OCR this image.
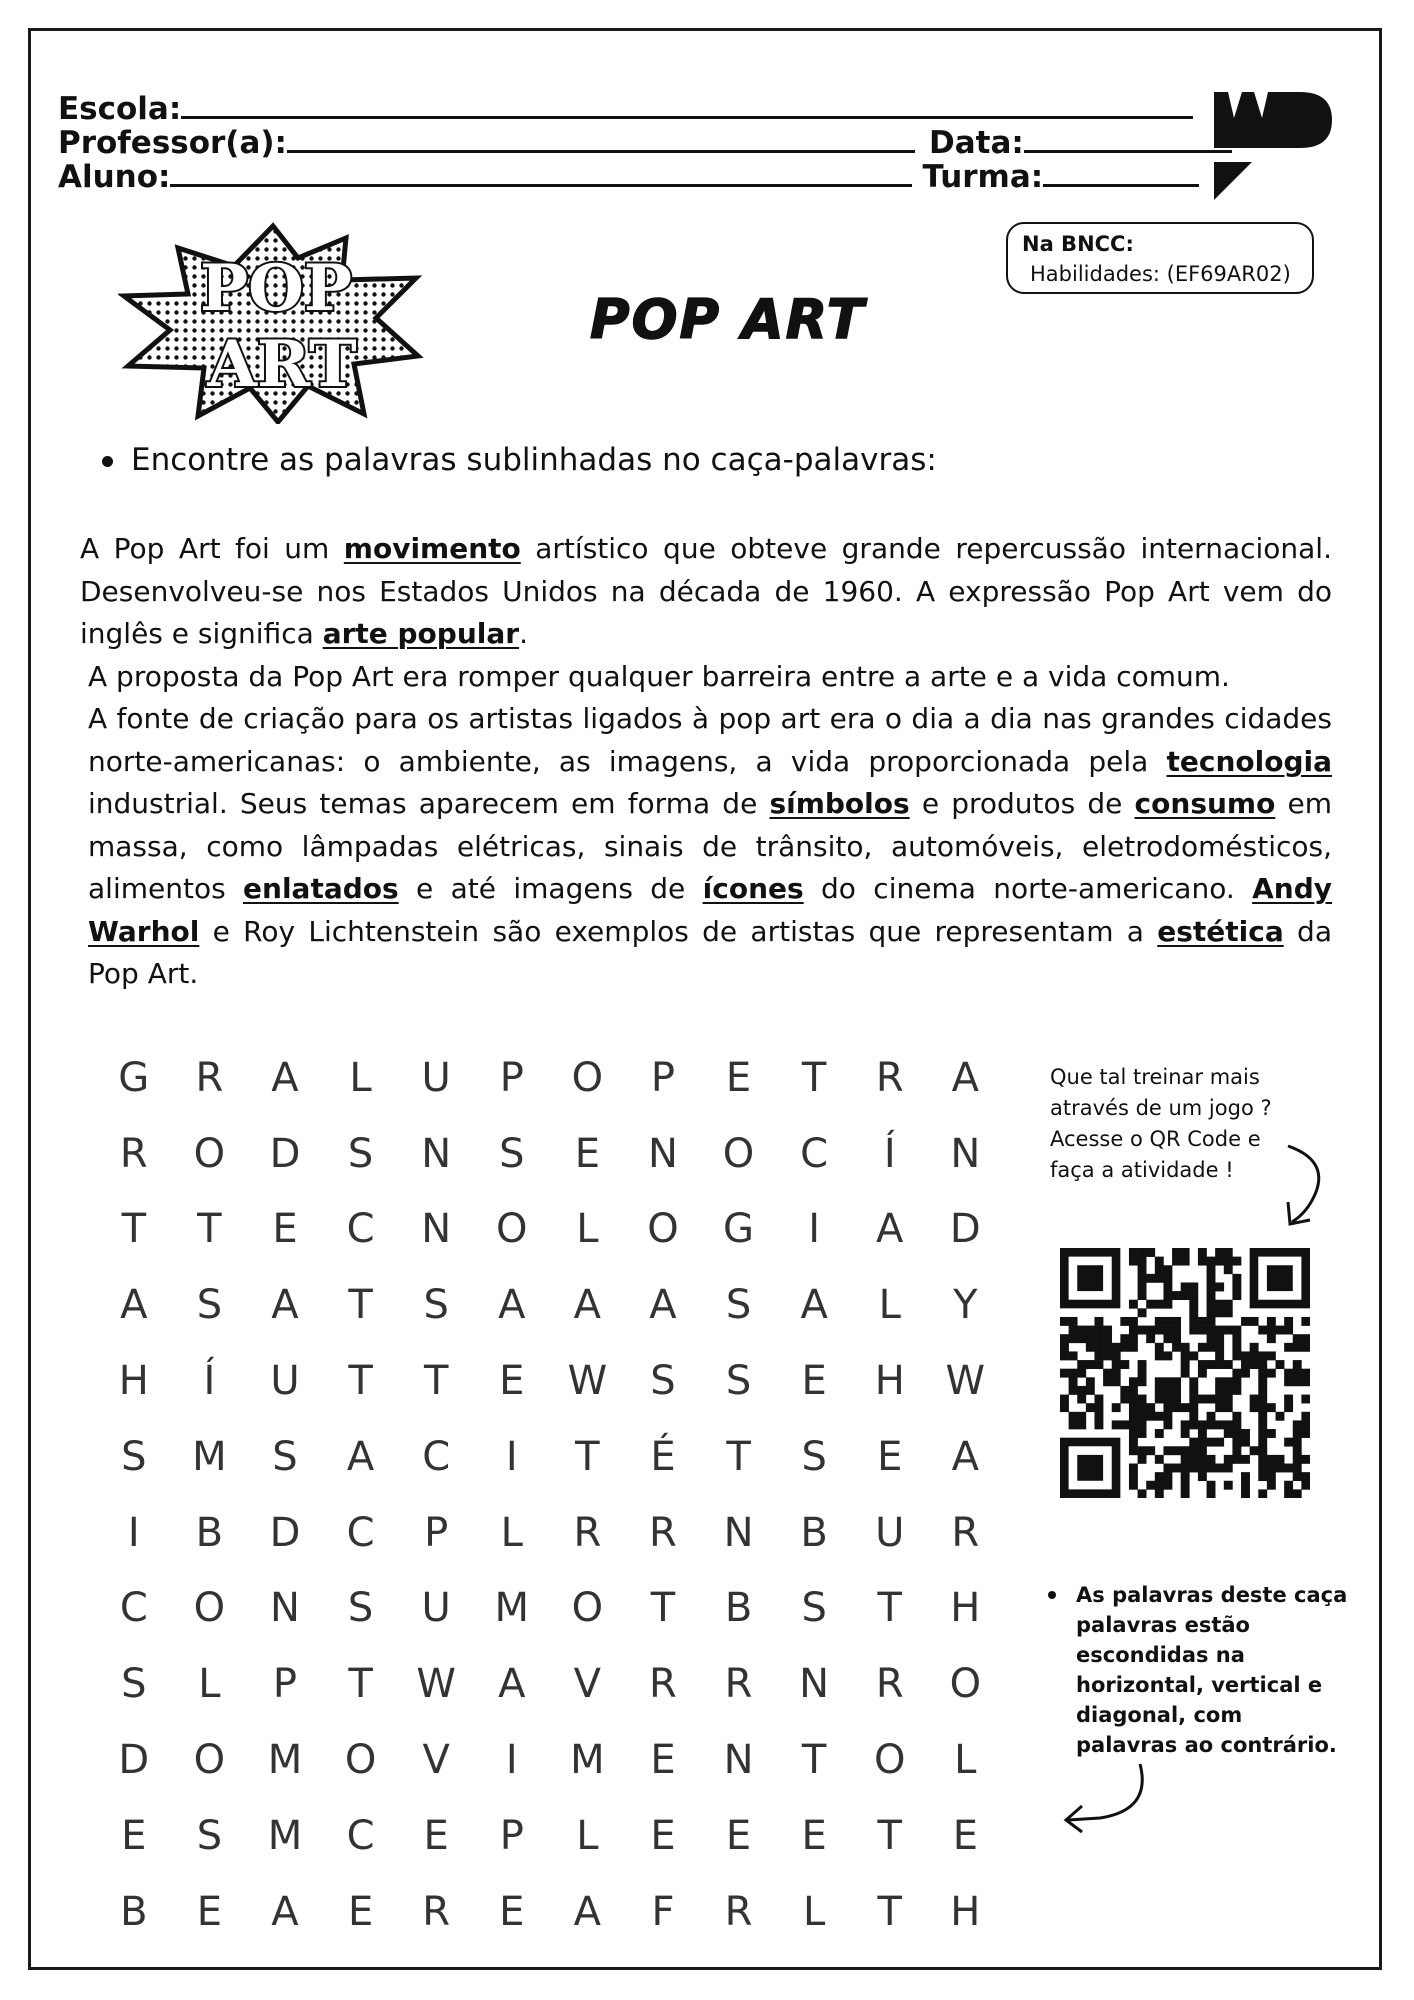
Escola:
Professor(a):	Data:
Aluno:	Turma:
Na BNCC:
Habilidades: (EF69AR02)
POP
ART
POP ART
Encontre as palavras sublinhadas no caça-palavras:

A Pop Art foi um movimento artístico que obteve grande repercussão internacional. Desenvolveu-se nos Estados Unidos na década de 1960. A expressão Pop Art vem do inglês e significa arte popular.

A proposta da Pop Art era romper qualquer barreira entre a arte e a vida comum.

A fonte de criação para os artistas ligados à pop art era o dia a dia nas grandes cidades norte-americanas: o ambiente, as imagens, a vida proporcionada pela tecnologia industrial. Seus temas aparecem em forma de símbolos e produtos de consumo em massa, como lâmpadas elétricas, sinais de trânsito, automóveis, eletrodomésticos, alimentos enlatados e até imagens de ícones do cinema norte-americano. Andy Warhol e Roy Lichtenstein são exemplos de artistas que representam a estética da Pop Art.

G	R	A	L	U	P	O	P	E	T	R	A
R	O	D	S	N	S	E	N	O	C	Í	N
T	T	E	C	N	O	L	O	G	I	A	D
A	S	A	T	S	A	A	A	S	A	L	Y
H	Í	U	T	T	E	W	S	S	E	H	W
S	M	S	A	C	I	T	É	T	S	E	A
I	B	D	C	P	L	R	R	N	B	U	R
C	O	N	S	U	M	O	T	B	S	T	H
S	L	P	T	W	A	V	R	R	N	R	O
D	O	M	O	V	I	M	E	N	T	O	L
E	S	M	C	E	P	L	E	E	E	T	E
B	E	A	E	R	E	A	F	R	L	T	H
Que tal treinar mais através de um jogo ? Acesse o QR Code e faça a atividade !
As palavras deste caça palavras estão escondidas na horizontal, vertical e diagonal, com palavras ao contrário.
